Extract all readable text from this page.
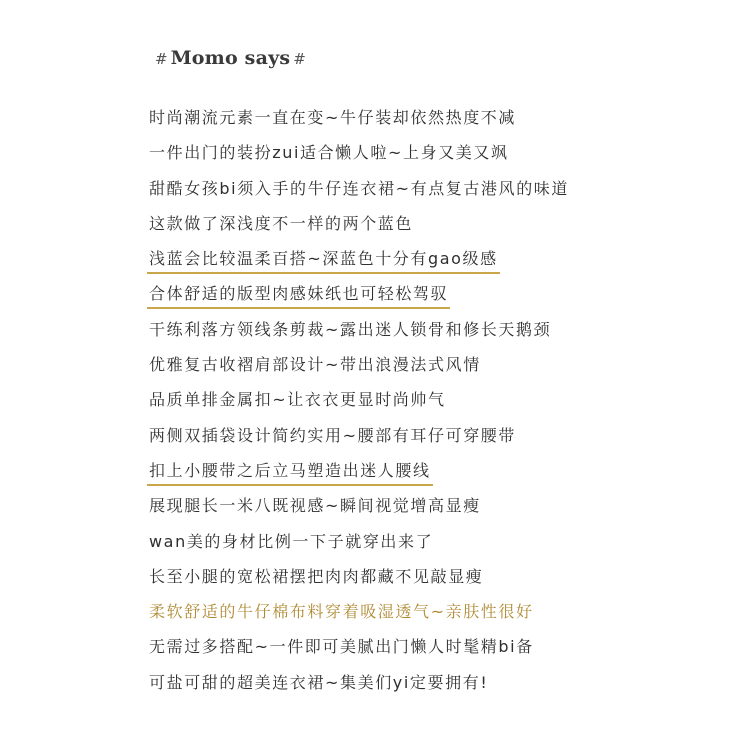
# Momo says #
时尚潮流元素一直在变~牛仔装却依然热度不减
一件出门的装扮zui适合懒人啦~上身又美又飒
甜酷女孩bi须入手的牛仔连衣裙~有点复古港风的味道
这款做了深浅度不一样的两个蓝色
浅蓝会比较温柔百搭~深蓝色十分有gao级感
合体舒适的版型肉感妹纸也可轻松驾驭
干练利落方领线条剪裁~露出迷人锁骨和修长天鹅颈
优雅复古收褶肩部设计~带出浪漫法式风情
品质单排金属扣~让衣衣更显时尚帅气
两侧双插袋设计简约实用~腰部有耳仔可穿腰带
扣上小腰带之后立马塑造出迷人腰线
展现腿长一米八既视感~瞬间视觉增高显瘦
wan美的身材比例一下子就穿出来了
长至小腿的宽松裙摆把肉肉都藏不见敲显瘦
柔软舒适的牛仔棉布料穿着吸湿透气~亲肤性很好
无需过多搭配~一件即可美腻出门懒人时髦精bi备
可盐可甜的超美连衣裙~集美们yi定要拥有!
